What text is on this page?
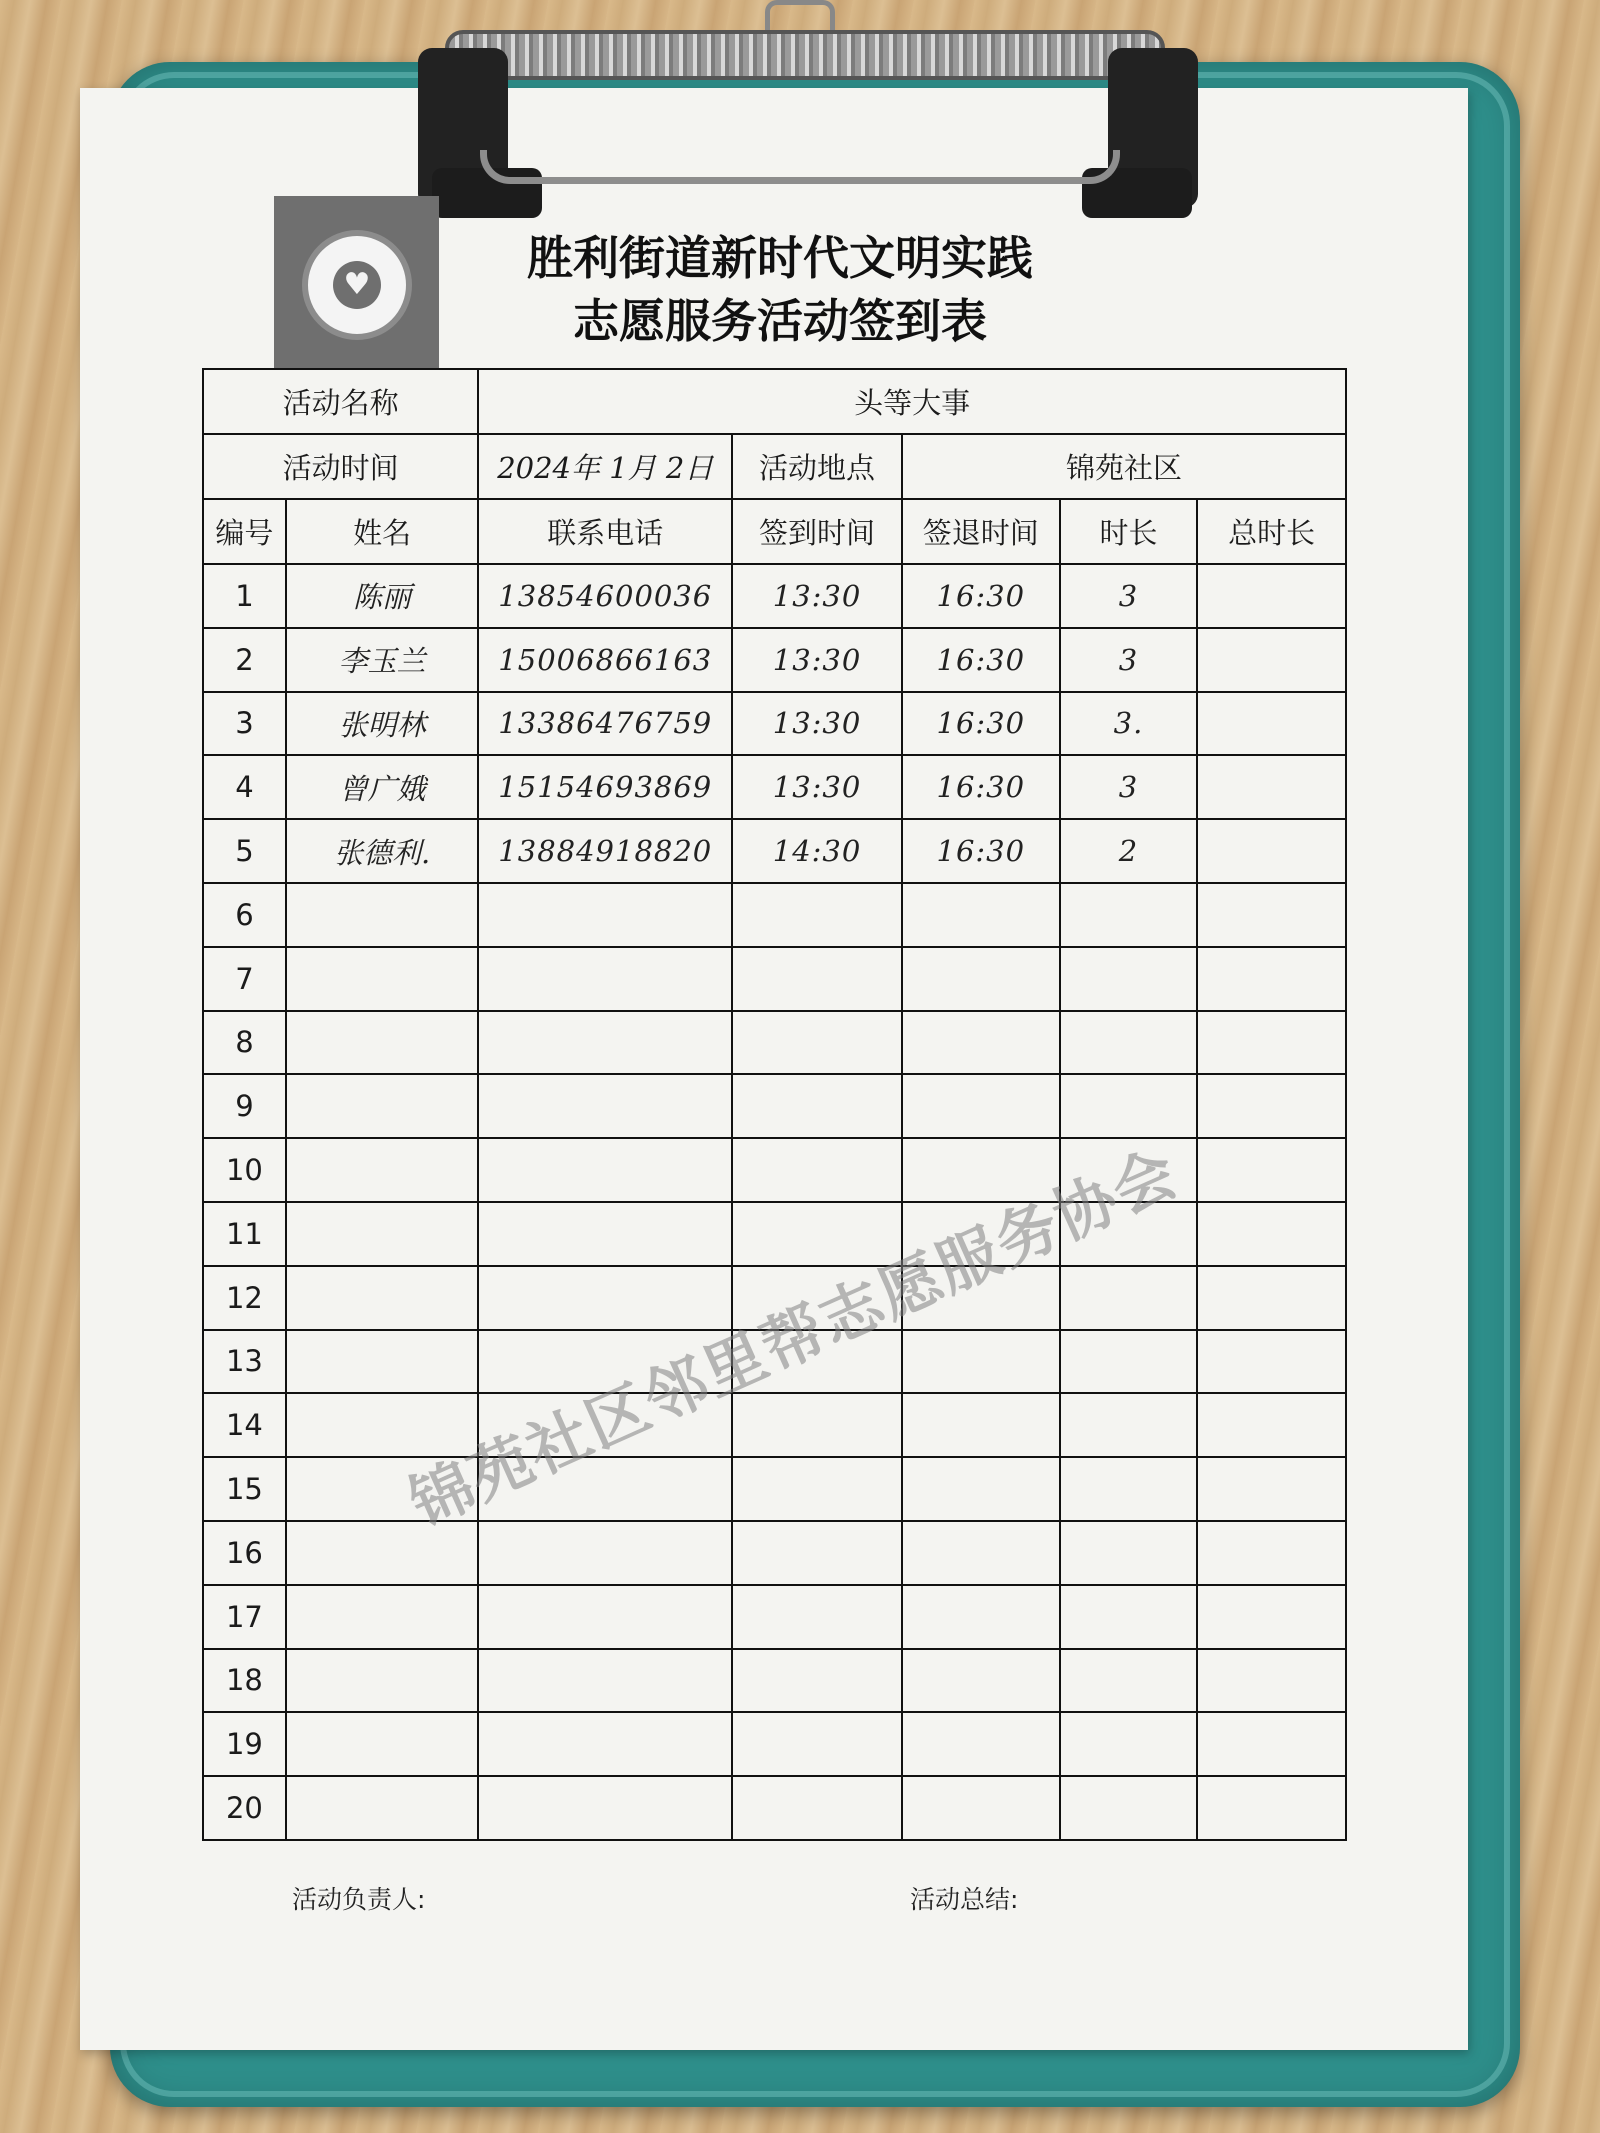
♥	胜利街道新时代文明实践
志愿服务活动签到表
活动名称		头等大事				
活动时间		2024年 1月 2日	活动地点	锦苑社区		
编号	姓名	联系电话	签到时间	签退时间	时长	总时长
1	陈丽	13854600036	13:30	16:30	3	
2	李玉兰	15006866163	13:30	16:30	3	
3	张明林	13386476759	13:30	16:30	3.	
4	曾广娥	15154693869	13:30	16:30	3	
5	张德利.	13884918820	14:30	16:30	2	
6						
7						
8						
9						
10						
11						
12						
13						
14						
15						
16						
17						
18						
19						
20						
锦苑社区邻里帮志愿服务协会
活动负责人:	活动总结:
